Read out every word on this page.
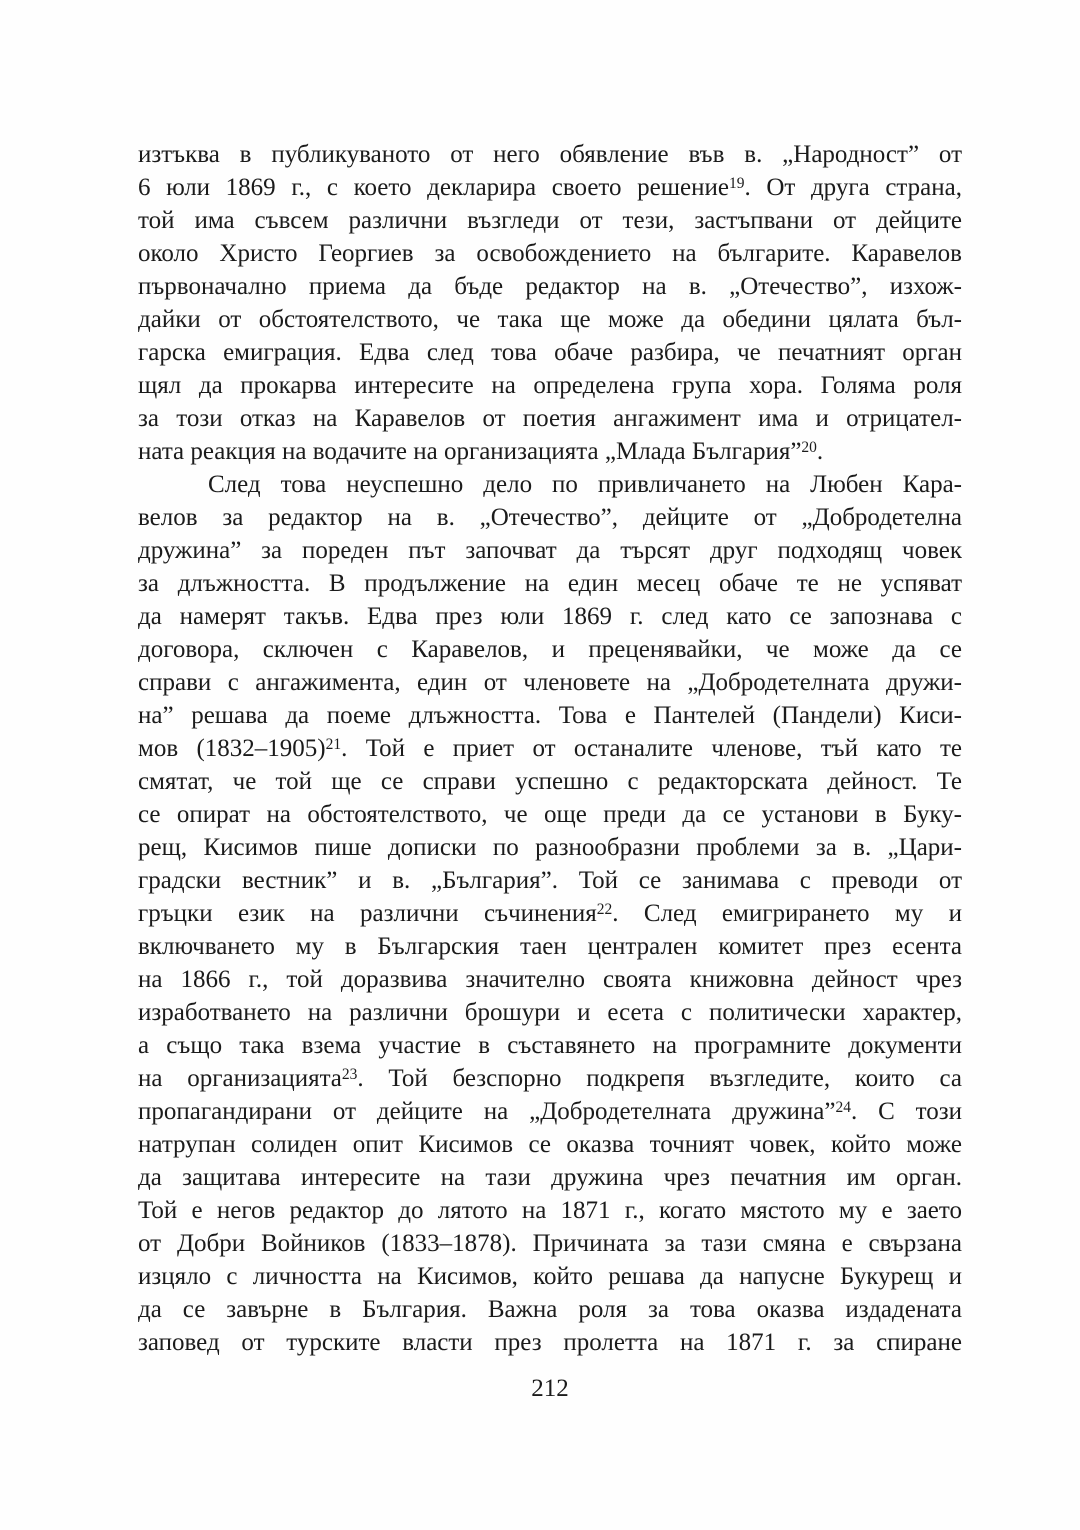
изтъква в публикуваното от него обявление във в. „Народност” от
6 юли 1869 г., с което декларира своето решение$^{19}$. От друга страна,
той има съвсем различни възгледи от тези, застъпвани от дейците
около Христо Георгиев за освобождението на българите. Каравелов
първоначално приема да бъде редактор на в. „Отечество”, изхож-
дайки от обстоятелството, че така ще може да обедини цялата бъл-
гарска емиграция. Едва след това обаче разбира, че печатният орган
щял да прокарва интересите на определена група хора. Голяма роля
за този отказ на Каравелов от поетия ангажимент има и отрицател-
ната реакция на водачите на организацията „Млада България”$^{20}$.
След това неуспешно дело по привличането на Любен Кара-
велов за редактор на в. „Отечество”, дейците от „Добродетелна
дружина” за пореден път започват да търсят друг подходящ човек
за длъжността. В продължение на един месец обаче те не успяват
да намерят такъв. Едва през юли 1869 г. след като се запознава с
договора, сключен с Каравелов, и преценявайки, че може да се
справи с ангажимента, един от членовете на „Добродетелната дружи-
на” решава да поеме длъжността. Това е Пантелей (Пандели) Киси-
мов (1832–1905)$^{21}$. Той е приет от останалите членове, тъй като те
смятат, че той ще се справи успешно с редакторската дейност. Те
се опират на обстоятелството, че още преди да се установи в Буку-
рещ, Кисимов пише дописки по разнообразни проблеми за в. „Цари-
градски вестник” и в. „България”. Той се занимава с преводи от
гръцки език на различни съчинения$^{22}$. След емигрирането му и
включването му в Българския таен централен комитет през есента
на 1866 г., той доразвива значително своята книжовна дейност чрез
изработването на различни брошури и есета с политически характер,
а също така взема участие в съставянето на програмните документи
на организацията$^{23}$. Той безспорно подкрепя възгледите, които са
пропагандирани от дейците на „Добродетелната дружина”$^{24}$. С този
натрупан солиден опит Кисимов се оказва точният човек, който може
да защитава интересите на тази дружина чрез печатния им орган.
Той е негов редактор до лятото на 1871 г., когато мястото му е заето
от Добри Войников (1833–1878). Причината за тази смяна е свързана
изцяло с личността на Кисимов, който решава да напусне Букурещ и
да се завърне в България. Важна роля за това оказва издадената
заповед от турските власти през пролетта на 1871 г. за спиране
212
